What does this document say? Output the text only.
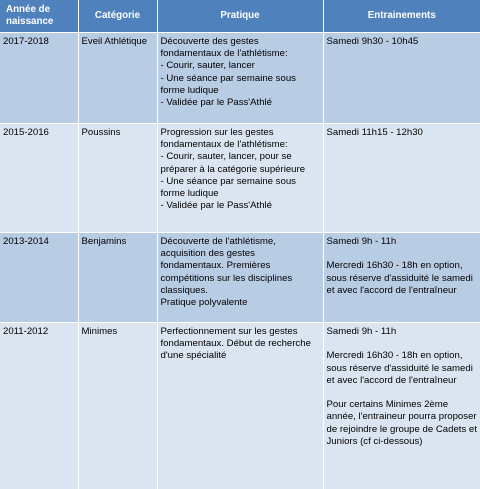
Année de naissance	Catégorie	Pratique	Entrainements
2017-2018	Eveil Athlétique	Découverte des gestes fondamentaux de l'athlétisme:
- Courir, sauter, lancer
- Une séance par semaine sous forme ludique
- Validée par le Pass'Athlé	Samedi 9h30 - 10h45

2015-2016	Poussins	Progression sur les gestes fondamentaux de l'athlétisme:
- Courir, sauter, lancer, pour se préparer à la catégorie supérieure
- Une séance par semaine sous forme ludique
- Validée par le Pass'Athlé	Samedi 11h15 - 12h30

2013-2014	Benjamins	Découverte de l'athlétisme, acquisition des gestes fondamentaux. Premières compétitions sur les disciplines classiques.
Pratique polyvalente	Samedi 9h - 11h
Mercredi 16h30 - 18h en option, sous réserve d'assiduité le samedi et avec l'accord de l'entraîneur

2011-2012	Minimes	Perfectionnement sur les gestes fondamentaux. Début de recherche d'une spécialité	Samedi 9h - 11h
Mercredi 16h30 - 18h en option, sous réserve d'assiduité le samedi et avec l'accord de l'entraîneur
Pour certains Minimes 2ème année, l'entraineur pourra proposer de rejoindre le groupe de Cadets et Juniors (cf ci-dessous)
